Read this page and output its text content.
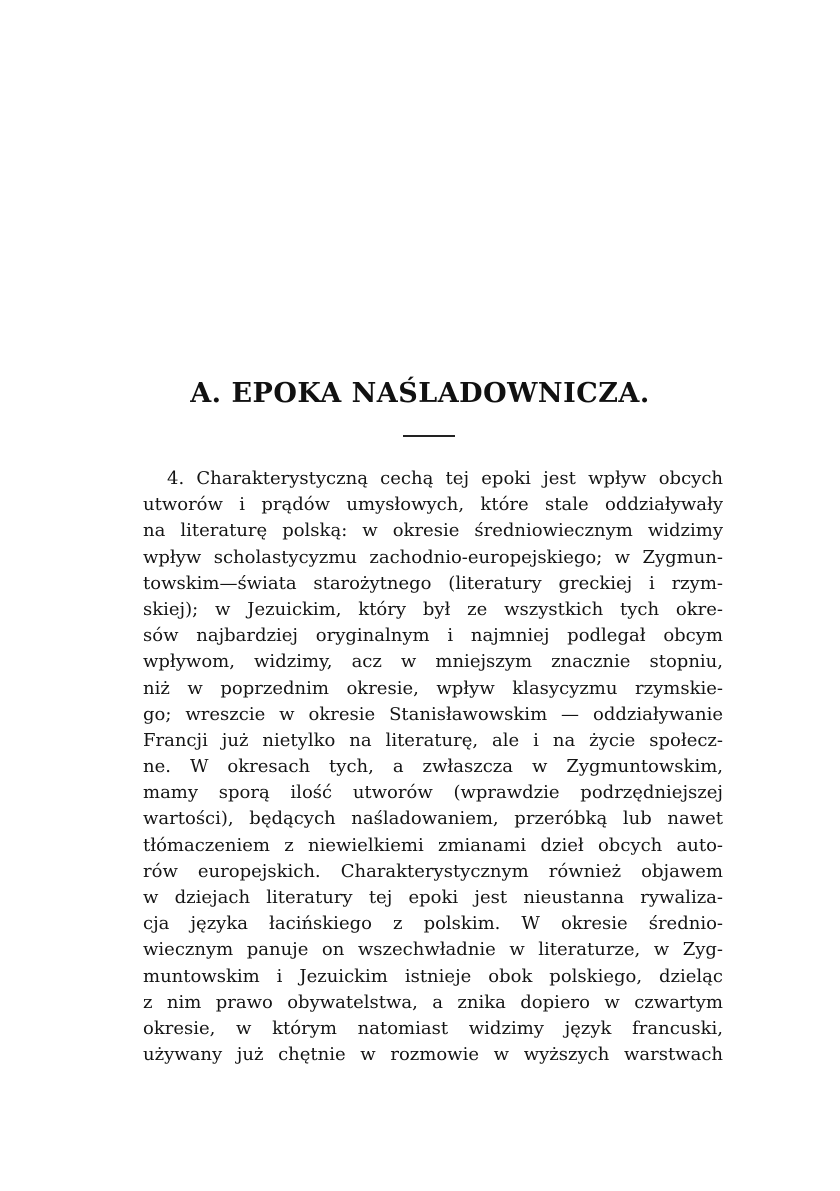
A. EPOKA NAŚLADOWNICZA.
4. Charakterystyczną cechą tej epoki jest wpływ obcych
utworów i prądów umysłowych, które stale oddziaływały
na literaturę polską: w okresie średniowiecznym widzimy
wpływ scholastycyzmu zachodnio-europejskiego; w Zygmun-
towskim—świata starożytnego (literatury greckiej i rzym-
skiej); w Jezuickim, który był ze wszystkich tych okre-
sów najbardziej oryginalnym i najmniej podlegał obcym
wpływom, widzimy, acz w mniejszym znacznie stopniu,
niż w poprzednim okresie, wpływ klasycyzmu rzymskie-
go; wreszcie w okresie Stanisławowskim — oddziaływanie
Francji już nietylko na literaturę, ale i na życie społecz-
ne. W okresach tych, a zwłaszcza w Zygmuntowskim,
mamy sporą ilość utworów (wprawdzie podrzędniejszej
wartości), będących naśladowaniem, przeróbką lub nawet
tłómaczeniem z niewielkiemi zmianami dzieł obcych auto-
rów europejskich. Charakterystycznym również objawem
w dziejach literatury tej epoki jest nieustanna rywaliza-
cja języka łacińskiego z polskim. W okresie średnio-
wiecznym panuje on wszechwładnie w literaturze, w Zyg-
muntowskim i Jezuickim istnieje obok polskiego, dzieląc
z nim prawo obywatelstwa, a znika dopiero w czwartym
okresie, w którym natomiast widzimy język francuski,
używany już chętnie w rozmowie w wyższych warstwach
